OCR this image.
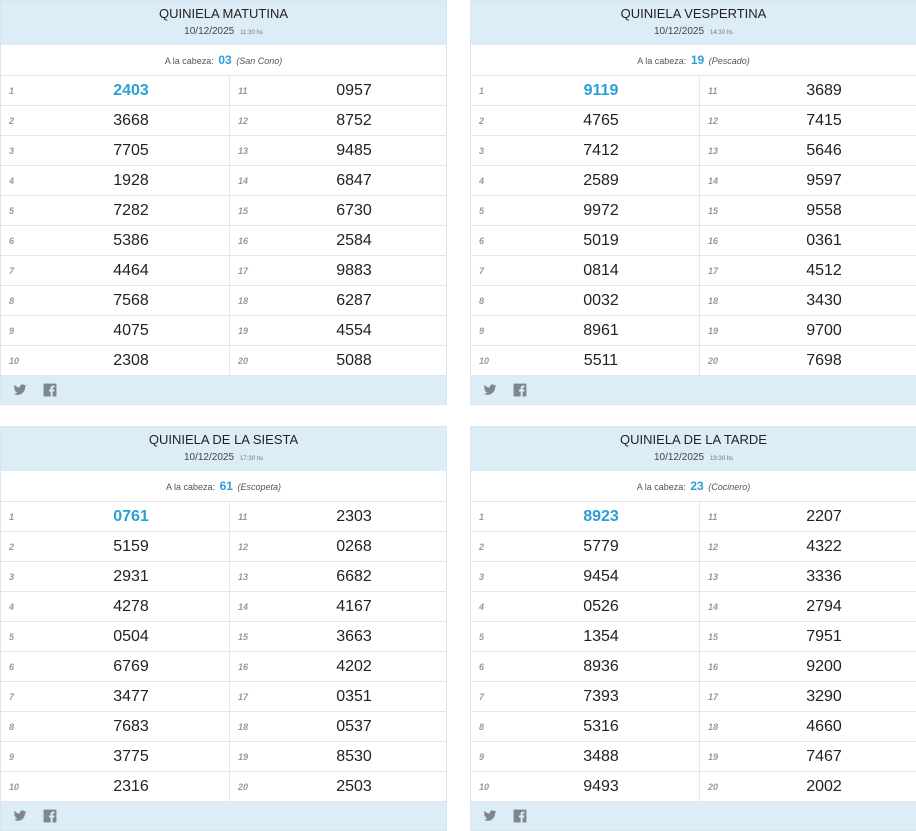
QUINIELA MATUTINA
10/12/2025 11:30 hs
A la cabeza: 03 (San Cono)
1	2403	11	0957
2	3668	12	8752
3	7705	13	9485
4	1928	14	6847
5	7282	15	6730
6	5386	16	2584
7	4464	17	9883
8	7568	18	6287
9	4075	19	4554
10	2308	20	5088
QUINIELA VESPERTINA
10/12/2025 14:30 hs
A la cabeza: 19 (Pescado)
1	9119	11	3689
2	4765	12	7415
3	7412	13	5646
4	2589	14	9597
5	9972	15	9558
6	5019	16	0361
7	0814	17	4512
8	0032	18	3430
9	8961	19	9700
10	5511	20	7698
QUINIELA DE LA SIESTA
10/12/2025 17:30 hs
A la cabeza: 61 (Escopeta)
1	0761	11	2303
2	5159	12	0268
3	2931	13	6682
4	4278	14	4167
5	0504	15	3663
6	6769	16	4202
7	3477	17	0351
8	7683	18	0537
9	3775	19	8530
10	2316	20	2503
QUINIELA DE LA TARDE
10/12/2025 19:30 hs
A la cabeza: 23 (Cocinero)
1	8923	11	2207
2	5779	12	4322
3	9454	13	3336
4	0526	14	2794
5	1354	15	7951
6	8936	16	9200
7	7393	17	3290
8	5316	18	4660
9	3488	19	7467
10	9493	20	2002
